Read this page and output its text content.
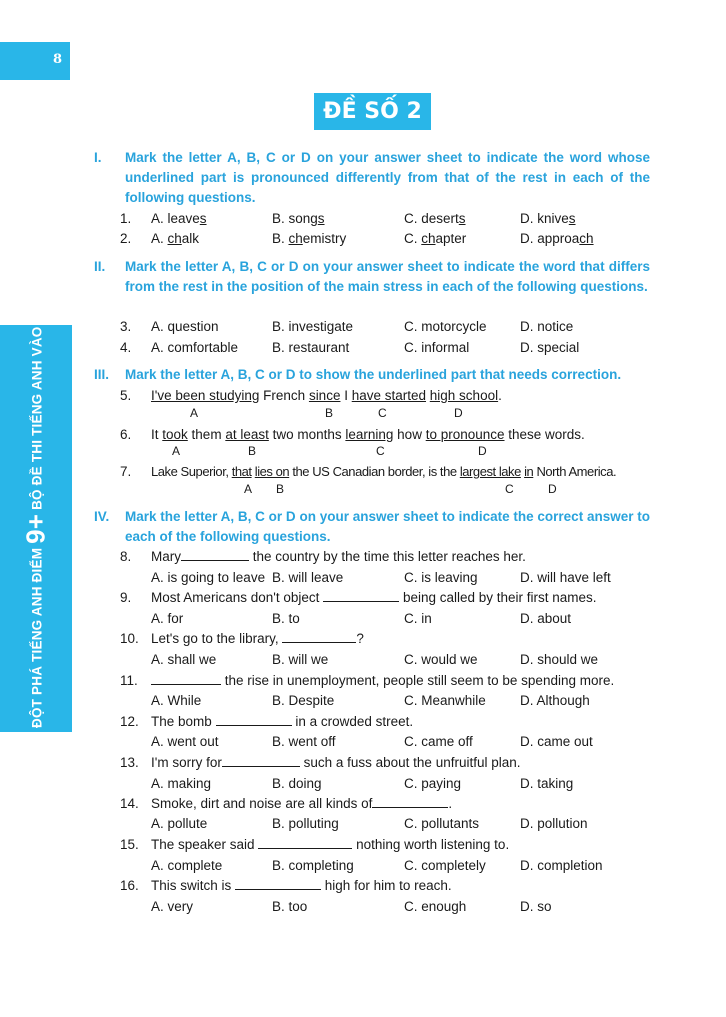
8
ĐỘT PHÁ TIẾNG ANH ĐIỂM 9+ BỘ ĐỀ THI TIẾNG ANH VÀO LỚP 10
ĐỀ SỐ 2
I. Mark the letter A, B, C or D on your answer sheet to indicate the word whose underlined part is pronounced differently from that of the rest in each of the following questions.
1. A. leaves	B. songs	C. deserts	D. knives
2. A. chalk	B. chemistry	C. chapter	D. approach
II. Mark the letter A, B, C or D on your answer sheet to indicate the word that differs from the rest in the position of the main stress in each of the following questions.
3. A. question	B. investigate	C. motorcycle D. notice
4. A. comfortable	B. restaurant	C. informal	D. special
III. Mark the letter A, B, C or D to show the underlined part that needs correction.
5. I've been studying French since I have started high school.
A	B	C	D
6. It took them at least two months learning how to pronounce these words.
A	B	C	D
7. Lake Superior, that lies on the US Canadian border, is the largest lake in North America.
A B	C	D
IV. Mark the letter A, B, C or D on your answer sheet to indicate the correct answer to each of the following questions.
8. Mary	the country by the time this letter reaches her.
A. is going to leave B. will leave	C. is leaving	D. will have left
9. Most Americans don't object	being called by their first names.
A. for	B. to	C. in	D. about
10. Let's go to the library,	?
A. shall we	B. will we	C. would we	D. should we
11.	the rise in unemployment, people still seem to be spending more.
A. While	B. Despite	C. Meanwhile	D. Although
12. The bomb	in a crowded street.
A. went out	B. went off	C. came off	D. came out
13. I'm sorry for	such a fuss about the unfruitful plan.
A. making	B. doing	C. paying	D. taking
14. Smoke, dirt and noise are all kinds of	.
A. pollute	B. polluting	C. pollutants	D. pollution
15. The speaker said	nothing worth listening to.
A. complete	B. completing	C. completely	D. completion
16. This switch is	high for him to reach.
A. very	B. too	C. enough	D. so
